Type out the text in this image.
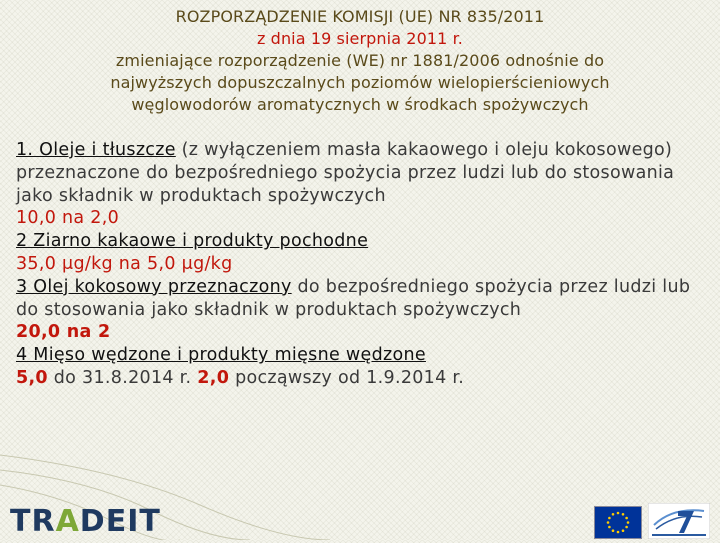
ROZPORZĄDZENIE KOMISJI (UE) NR 835/2011
z dnia 19 sierpnia 2011 r.
zmieniające rozporządzenie (WE) nr 1881/2006 odnośnie do
najwyższych dopuszczalnych poziomów wielopierścieniowych
węglowodorów aromatycznych w środkach spożywczych

1. Oleje i tłuszcze (z wyłączeniem masła kakaowego i oleju kokosowego) przeznaczone do bezpośredniego spożycia przez ludzi lub do stosowania jako składnik w produktach spożywczych

10,0 na 2,0

2 Ziarno kakaowe i produkty pochodne

35,0 μg/kg na 5,0 μg/kg

3 Olej kokosowy przeznaczony do bezpośredniego spożycia przez ludzi lub do stosowania jako składnik w produktach spożywczych

20,0 na 2

4 Mięso wędzone i produkty mięsne wędzone

5,0 do 31.8.2014 r. 2,0 począwszy od 1.9.2014 r.

TR A DE IT
